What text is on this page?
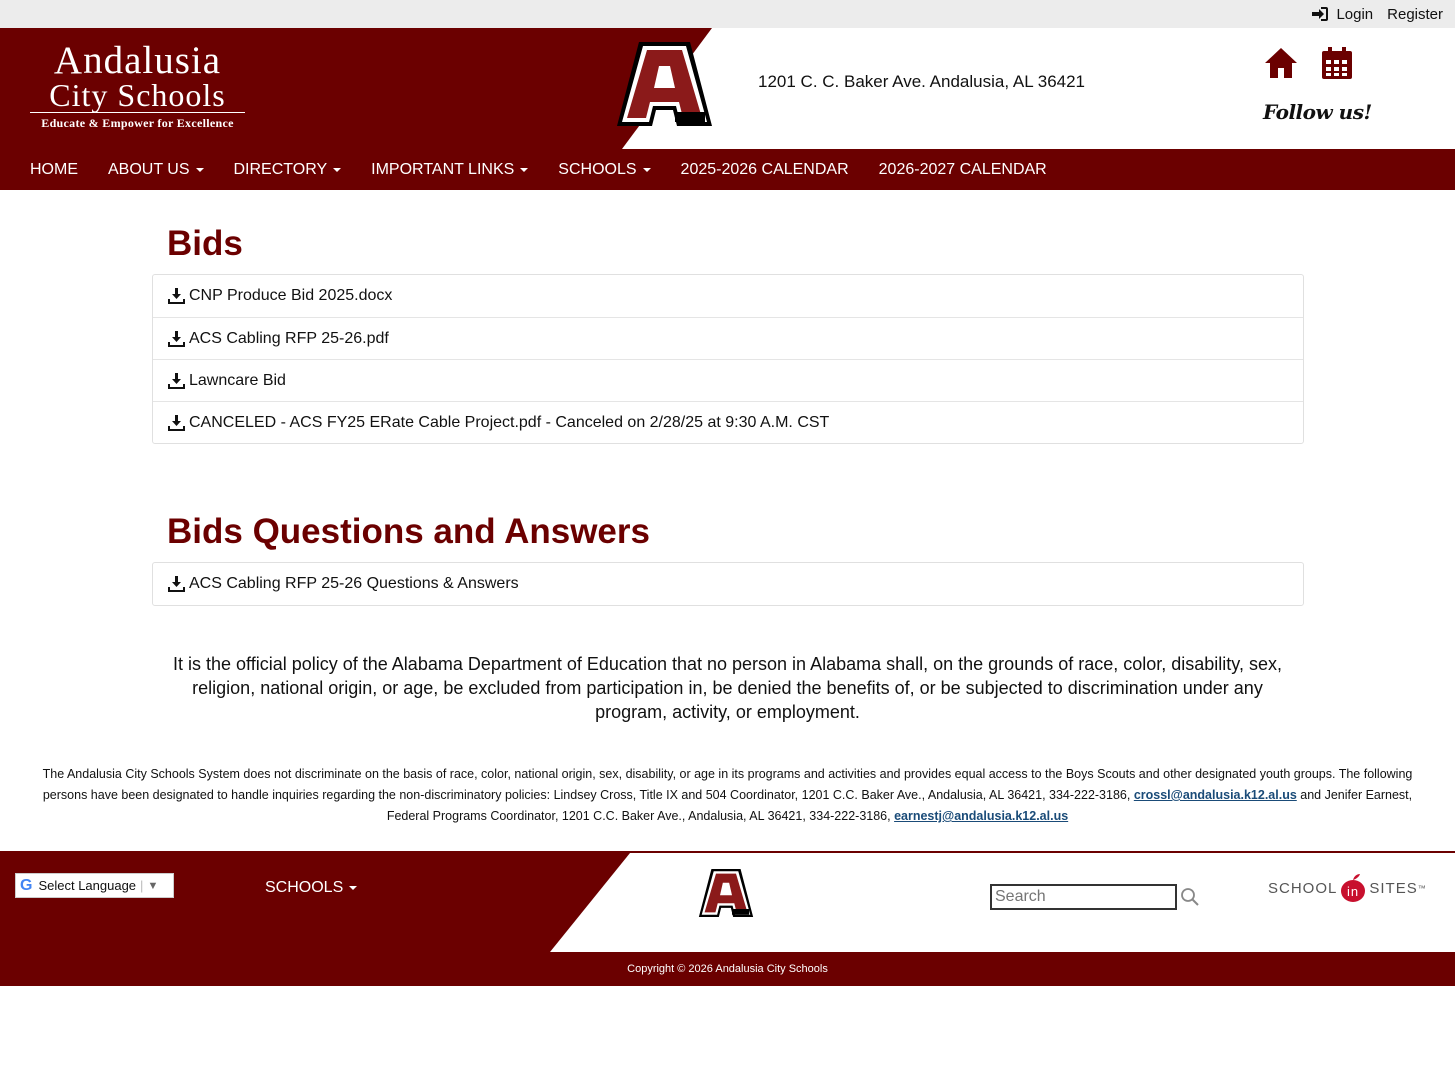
Login Register
Andalusia
City Schools
Educate & Empower for Excellence
1201 C. C. Baker Ave. Andalusia, AL 36421
Follow us!
HOME ABOUT US	DIRECTORY	IMPORTANT LINKS	SCHOOLS	2025-2026 CALENDAR 2026-2027 CALENDAR
Bids
CNP Produce Bid 2025.docx
ACS Cabling RFP 25-26.pdf
Lawncare Bid
CANCELED - ACS FY25 ERate Cable Project.pdf - Canceled on 2/28/25 at 9:30 A.M. CST
Bids Questions and Answers
ACS Cabling RFP 25-26 Questions & Answers
It is the official policy of the Alabama Department of Education that no person in Alabama shall, on the grounds of race, color, disability, sex, religion, national origin, or age, be excluded from participation in, be denied the benefits of, or be subjected to discrimination under any program, activity, or employment.
The Andalusia City Schools System does not discriminate on the basis of race, color, national origin, sex, disability, or age in its programs and activities and provides equal access to the Boys Scouts and other designated youth groups. The following persons have been designated to handle inquiries regarding the non-discriminatory policies: Lindsey Cross, Title IX and 504 Coordinator, 1201 C.C. Baker Ave., Andalusia, AL 36421, 334-222-3186, crossl@andalusia.k12.al.us and Jenifer Earnest, Federal Programs Coordinator, 1201 C.C. Baker Ave., Andalusia, AL 36421, 334-222-3186, earnestj@andalusia.k12.al.us
G Select Language | ▼	SCHOOLS
Search	SCHOOL in SITES ™
Copyright © 2026 Andalusia City Schools
